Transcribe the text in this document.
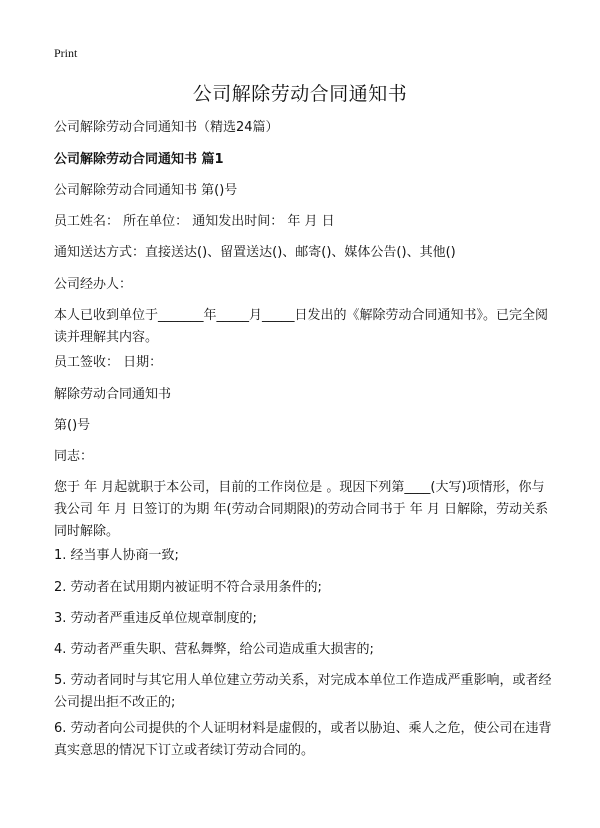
Print
公司解除劳动合同通知书
公司解除劳动合同通知书（精选24篇）
公司解除劳动合同通知书 篇1
公司解除劳动合同通知书 第()号
员工姓名： 所在单位： 通知发出时间： 年 月 日
通知送达方式：直接送达()、留置送达()、邮寄()、媒体公告()、其他()
公司经办人：
本人已收到单位于_______年_____月_____日发出的《解除劳动合同通知书》。已完全阅读并理解其内容。
员工签收： 日期：
解除劳动合同通知书
第()号
同志：
您于 年 月起就职于本公司，目前的工作岗位是 。现因下列第____(大写)项情形，你与我公司 年 月 日签订的为期 年(劳动合同期限)的劳动合同书于 年 月 日解除，劳动关系同时解除。
1. 经当事人协商一致;
2. 劳动者在试用期内被证明不符合录用条件的;
3. 劳动者严重违反单位规章制度的;
4. 劳动者严重失职、营私舞弊，给公司造成重大损害的;
5. 劳动者同时与其它用人单位建立劳动关系，对完成本单位工作造成严重影响，或者经公司提出拒不改正的;
6. 劳动者向公司提供的个人证明材料是虚假的，或者以胁迫、乘人之危，使公司在违背真实意思的情况下订立或者续订劳动合同的。
